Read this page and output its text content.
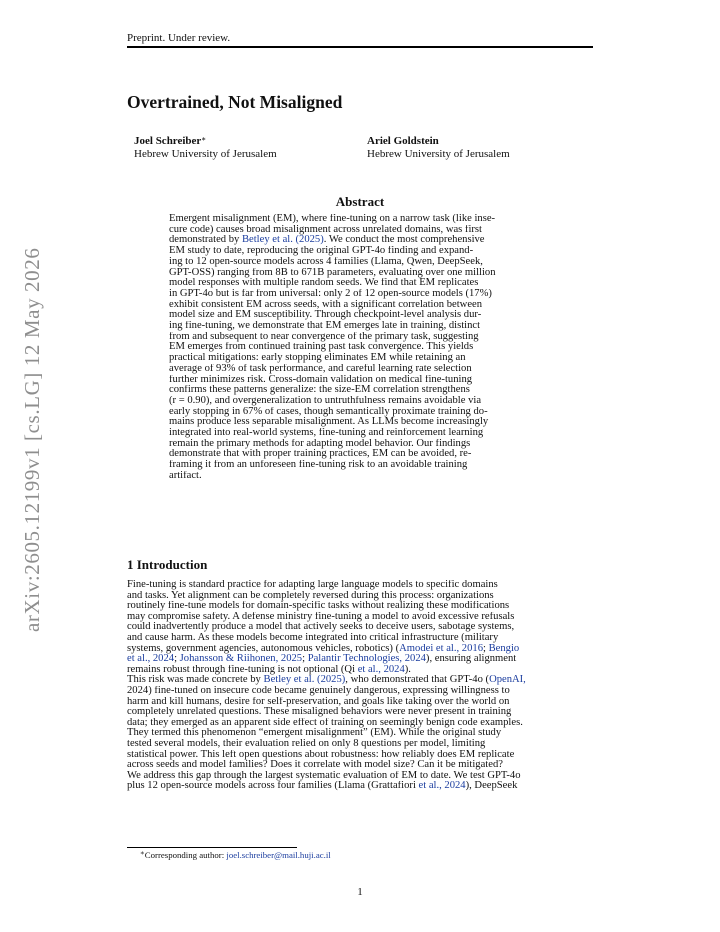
Preprint. Under review.
Overtrained, Not Misaligned
Joel Schreiber∗
Hebrew University of Jerusalem
Ariel Goldstein
Hebrew University of Jerusalem
Abstract
Emergent misalignment (EM), where fine-tuning on a narrow task (like inse-
cure code) causes broad misalignment across unrelated domains, was first
demonstrated by Betley et al. (2025). We conduct the most comprehensive
EM study to date, reproducing the original GPT-4o finding and expand-
ing to 12 open-source models across 4 families (Llama, Qwen, DeepSeek,
GPT-OSS) ranging from 8B to 671B parameters, evaluating over one million
model responses with multiple random seeds. We find that EM replicates
in GPT-4o but is far from universal: only 2 of 12 open-source models (17%)
exhibit consistent EM across seeds, with a significant correlation between
model size and EM susceptibility. Through checkpoint-level analysis dur-
ing fine-tuning, we demonstrate that EM emerges late in training, distinct
from and subsequent to near convergence of the primary task, suggesting
EM emerges from continued training past task convergence. This yields
practical mitigations: early stopping eliminates EM while retaining an
average of 93% of task performance, and careful learning rate selection
further minimizes risk. Cross-domain validation on medical fine-tuning
confirms these patterns generalize: the size-EM correlation strengthens
(r = 0.90), and overgeneralization to untruthfulness remains avoidable via
early stopping in 67% of cases, though semantically proximate training do-
mains produce less separable misalignment. As LLMs become increasingly
integrated into real-world systems, fine-tuning and reinforcement learning
remain the primary methods for adapting model behavior. Our findings
demonstrate that with proper training practices, EM can be avoided, re-
framing it from an unforeseen fine-tuning risk to an avoidable training
artifact.
1 Introduction
Fine-tuning is standard practice for adapting large language models to specific domains
and tasks. Yet alignment can be completely reversed during this process: organizations
routinely fine-tune models for domain-specific tasks without realizing these modifications
may compromise safety. A defense ministry fine-tuning a model to avoid excessive refusals
could inadvertently produce a model that actively seeks to deceive users, sabotage systems,
and cause harm. As these models become integrated into critical infrastructure (military
systems, government agencies, autonomous vehicles, robotics) (Amodei et al., 2016; Bengio
et al., 2024; Johansson & Riihonen, 2025; Palantir Technologies, 2024), ensuring alignment
remains robust through fine-tuning is not optional (Qi et al., 2024).
This risk was made concrete by Betley et al. (2025), who demonstrated that GPT-4o (OpenAI,
2024) fine-tuned on insecure code became genuinely dangerous, expressing willingness to
harm and kill humans, desire for self-preservation, and goals like taking over the world on
completely unrelated questions. These misaligned behaviors were never present in training
data; they emerged as an apparent side effect of training on seemingly benign code examples.
They termed this phenomenon “emergent misalignment” (EM). While the original study
tested several models, their evaluation relied on only 8 questions per model, limiting
statistical power. This left open questions about robustness: how reliably does EM replicate
across seeds and model families? Does it correlate with model size? Can it be mitigated?
We address this gap through the largest systematic evaluation of EM to date. We test GPT-4o
plus 12 open-source models across four families (Llama (Grattafiori et al., 2024), DeepSeek
∗Corresponding author: joel.schreiber@mail.huji.ac.il
1
arXiv:2605.12199v1 [cs.LG] 12 May 2026
